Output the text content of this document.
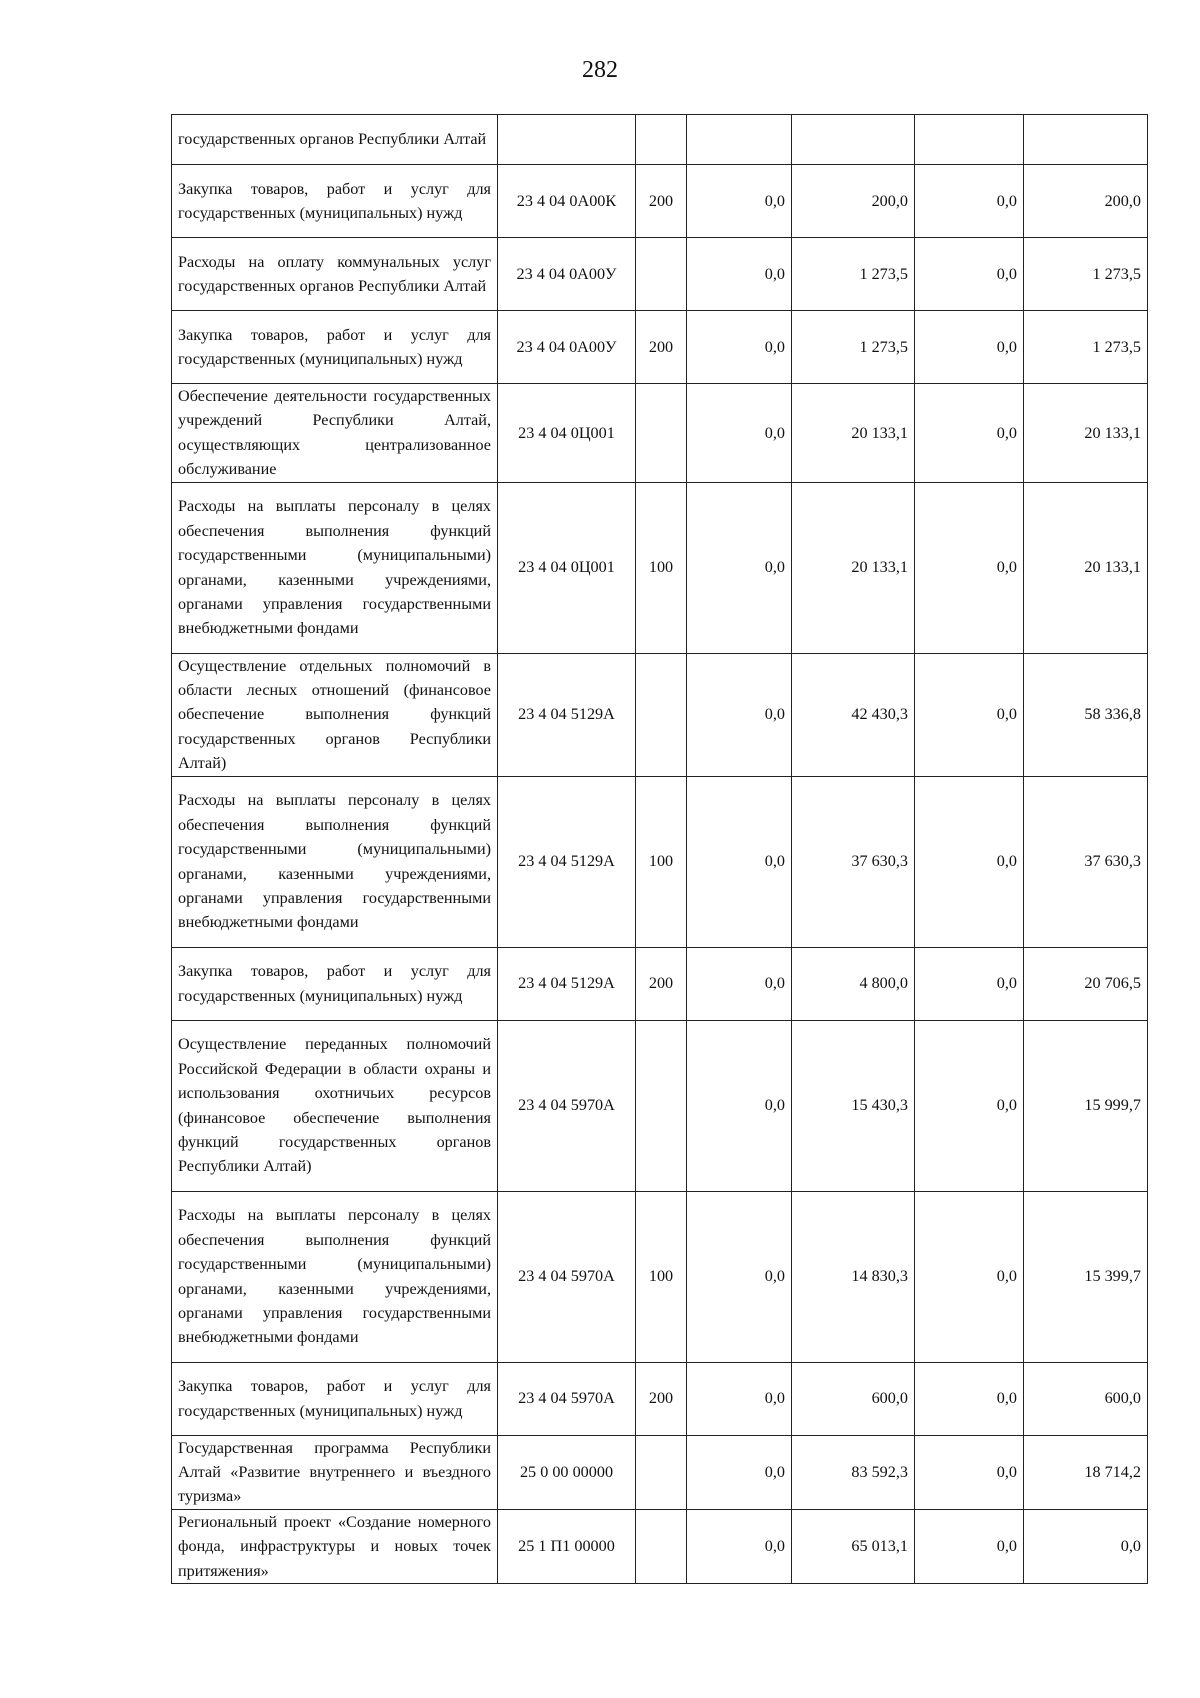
282
государственных органов Республики Алтай						
Закупка товаров, работ и услуг для государственных (муниципальных) нужд	23 4 04 0А00К	200	0,0	200,0	0,0	200,0
Расходы на оплату коммунальных услуг государственных органов Республики Алтай	23 4 04 0А00У		0,0	1 273,5	0,0	1 273,5
Закупка товаров, работ и услуг для государственных (муниципальных) нужд	23 4 04 0А00У	200	0,0	1 273,5	0,0	1 273,5
Обеспечение деятельности государственных учреждений Республики Алтай, осуществляющих централизованное обслуживание	23 4 04 0Ц001		0,0	20 133,1	0,0	20 133,1
Расходы на выплаты персоналу в целях обеспечения выполнения функций государственными (муниципальными) органами, казенными учреждениями, органами управления государственными внебюджетными фондами	23 4 04 0Ц001	100	0,0	20 133,1	0,0	20 133,1
Осуществление отдельных полномочий в области лесных отношений (финансовое обеспечение выполнения функций государственных органов Республики Алтай)	23 4 04 5129А		0,0	42 430,3	0,0	58 336,8
Расходы на выплаты персоналу в целях обеспечения выполнения функций государственными (муниципальными) органами, казенными учреждениями, органами управления государственными внебюджетными фондами	23 4 04 5129А	100	0,0	37 630,3	0,0	37 630,3
Закупка товаров, работ и услуг для государственных (муниципальных) нужд	23 4 04 5129А	200	0,0	4 800,0	0,0	20 706,5
Осуществление переданных полномочий Российской Федерации в области охраны и использования охотничьих ресурсов (финансовое обеспечение выполнения функций государственных органов Республики Алтай)	23 4 04 5970А		0,0	15 430,3	0,0	15 999,7
Расходы на выплаты персоналу в целях обеспечения выполнения функций государственными (муниципальными) органами, казенными учреждениями, органами управления государственными внебюджетными фондами	23 4 04 5970А	100	0,0	14 830,3	0,0	15 399,7
Закупка товаров, работ и услуг для государственных (муниципальных) нужд	23 4 04 5970А	200	0,0	600,0	0,0	600,0
Государственная программа Республики Алтай «Развитие внутреннего и въездного туризма»	25 0 00 00000		0,0	83 592,3	0,0	18 714,2
Региональный проект «Создание номерного фонда, инфраструктуры и новых точек притяжения»	25 1 П1 00000		0,0	65 013,1	0,0	0,0
